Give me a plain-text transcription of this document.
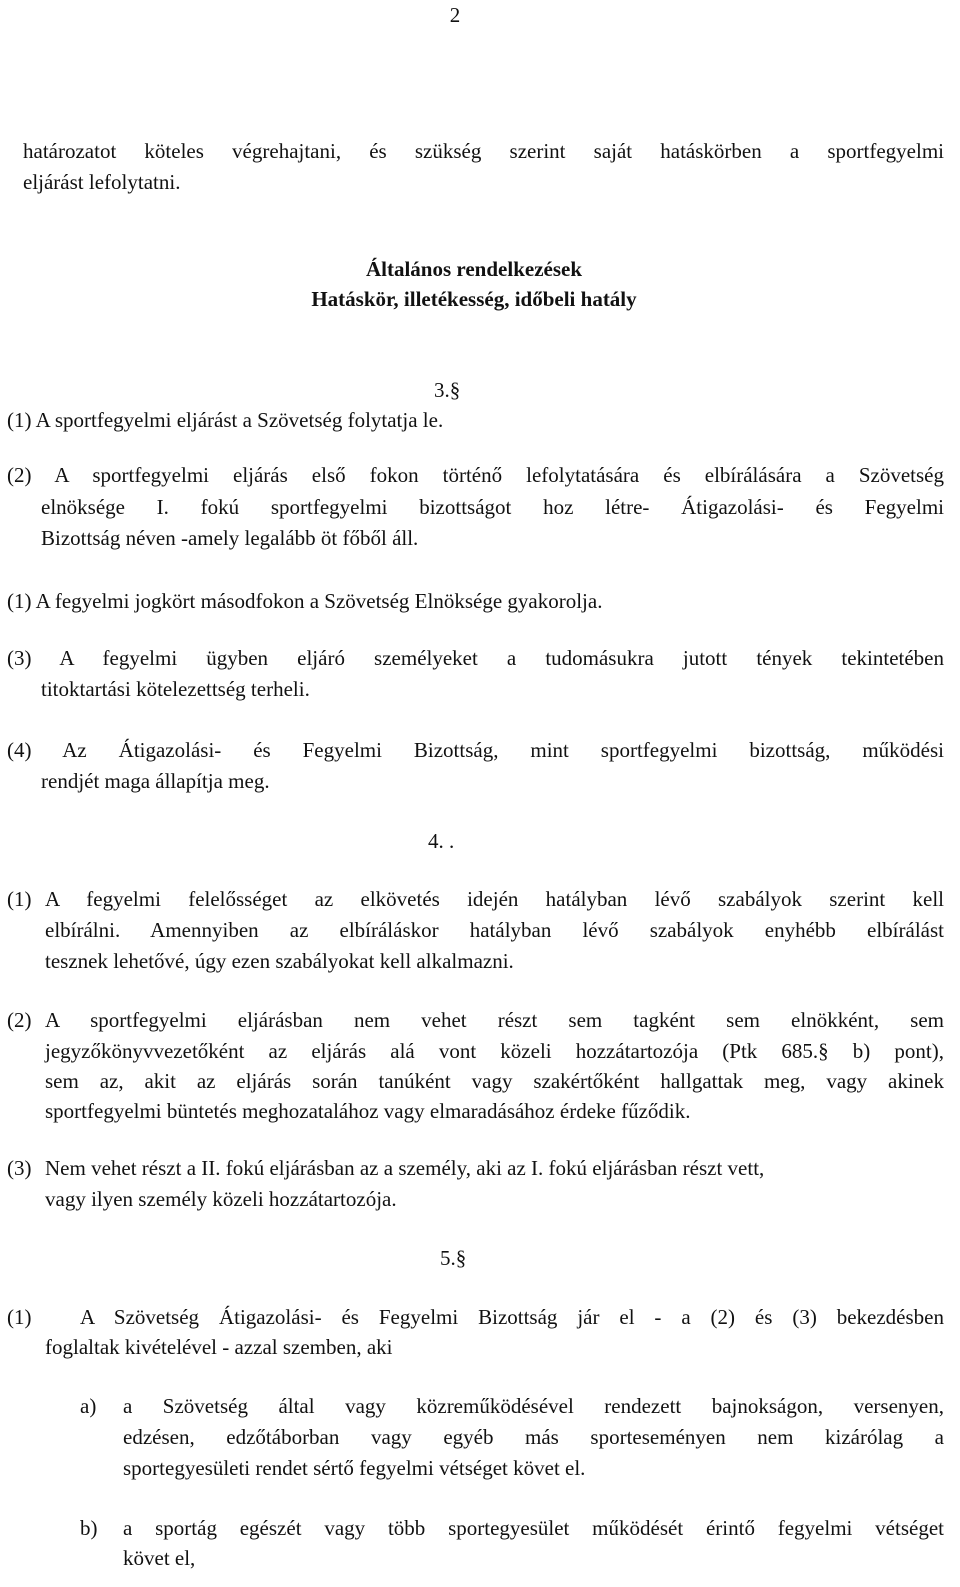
2
határozatot köteles végrehajtani, és szükség szerint saját hatáskörben a sportfegyelmi
eljárást lefolytatni.
Általános rendelkezések
Hatáskör, illetékesség, időbeli hatály
3.§
(1) A sportfegyelmi eljárást a Szövetség folytatja le.
(2) A sportfegyelmi eljárás első fokon történő lefolytatására és elbírálására a Szövetség
elnöksége I. fokú sportfegyelmi bizottságot hoz létre- Átigazolási- és Fegyelmi
Bizottság néven -amely legalább öt főből áll.
(1) A fegyelmi jogkört másodfokon a Szövetség Elnöksége gyakorolja.
(3) A fegyelmi ügyben eljáró személyeket a tudomásukra jutott tények tekintetében
titoktartási kötelezettség terheli.
(4) Az Átigazolási- és Fegyelmi Bizottság, mint sportfegyelmi bizottság, működési
rendjét maga állapítja meg.
4. .
(1) A fegyelmi felelősséget az elkövetés idején hatályban lévő szabályok szerint kell
elbírálni. Amennyiben az elbíráláskor hatályban lévő szabályok enyhébb elbírálást
tesznek lehetővé, úgy ezen szabályokat kell alkalmazni.
(2) A sportfegyelmi eljárásban nem vehet részt sem tagként sem elnökként, sem
jegyzőkönyvvezetőként az eljárás alá vont közeli hozzátartozója (Ptk 685.§ b) pont),
sem az, akit az eljárás során tanúként vagy szakértőként hallgattak meg, vagy akinek
sportfegyelmi büntetés meghozatalához vagy elmaradásához érdeke fűződik.
(3) Nem vehet részt a II. fokú eljárásban az a személy, aki az I. fokú eljárásban részt vett,
vagy ilyen személy közeli hozzátartozója.
5.§
(1) A Szövetség Átigazolási- és Fegyelmi Bizottság jár el - a (2) és (3) bekezdésben
foglaltak kivételével - azzal szemben, aki
a) a Szövetség által vagy közreműködésével rendezett bajnokságon, versenyen,
edzésen, edzőtáborban vagy egyéb más sporteseményen nem kizárólag a
sportegyesületi rendet sértő fegyelmi vétséget követ el.
b) a sportág egészét vagy több sportegyesület működését érintő fegyelmi vétséget
követ el,
